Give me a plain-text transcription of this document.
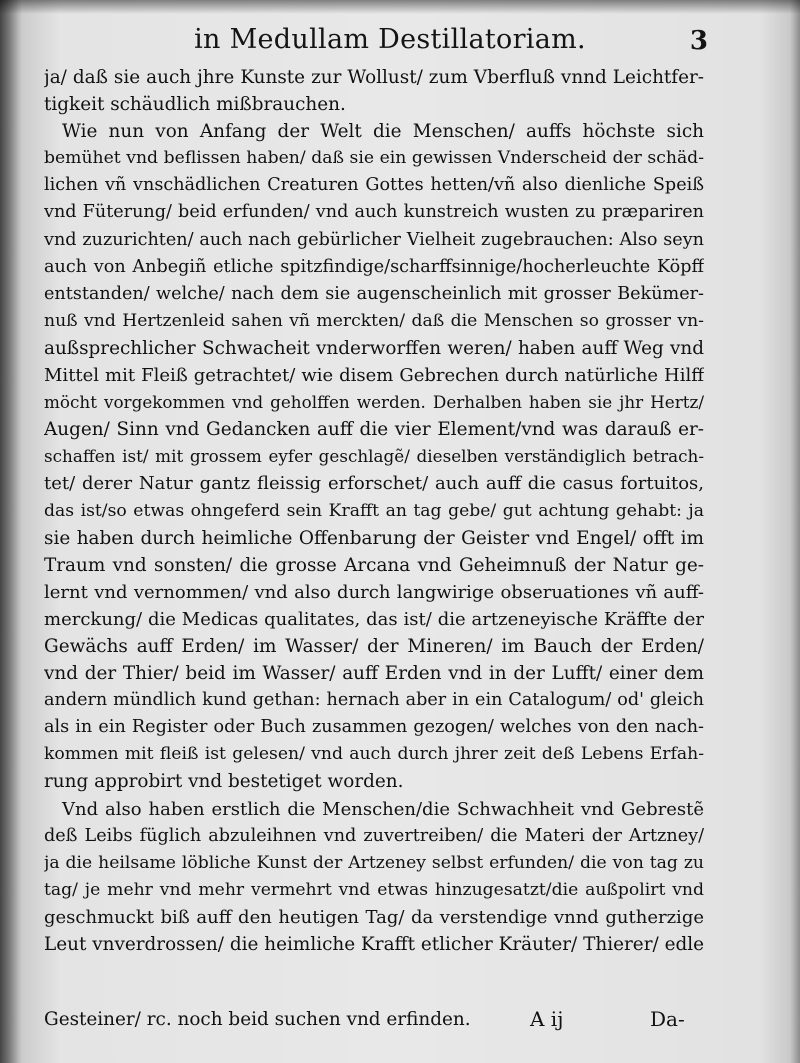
in Medullam Destillatoriam.	3
ja/ daß sie auch jhre Kunste zur Wollust/ zum Vberfluß vnnd Leichtfer-
tigkeit schäudlich mißbrauchen.
Wie nun von Anfang der Welt die Menschen/ auffs höchste sich
bemühet vnd beflissen haben/ daß sie ein gewissen Vnderscheid der schäd-
lichen vñ vnschädlichen Creaturen Gottes hetten/vñ also dienliche Speiß
vnd Füterung/ beid erfunden/ vnd auch kunstreich wusten zu præpariren
vnd zuzurichten/ auch nach gebürlicher Vielheit zugebrauchen: Also seyn
auch von Anbegiñ etliche spitzfindige/scharffsinnige/hocherleuchte Köpff
entstanden/ welche/ nach dem sie augenscheinlich mit grosser Bekümer-
nuß vnd Hertzenleid sahen vñ merckten/ daß die Menschen so grosser vn-
außsprechlicher Schwacheit vnderworffen weren/ haben auff Weg vnd
Mittel mit Fleiß getrachtet/ wie disem Gebrechen durch natürliche Hilff
möcht vorgekommen vnd geholffen werden. Derhalben haben sie jhr Hertz/
Augen/ Sinn vnd Gedancken auff die vier Element/vnd was darauß er-
schaffen ist/ mit grossem eyfer geschlagẽ/ dieselben verständiglich betrach-
tet/ derer Natur gantz fleissig erforschet/ auch auff die casus fortuitos,
das ist/so etwas ohngeferd sein Krafft an tag gebe/ gut achtung gehabt: ja
sie haben durch heimliche Offenbarung der Geister vnd Engel/ offt im
Traum vnd sonsten/ die grosse Arcana vnd Geheimnuß der Natur ge-
lernt vnd vernommen/ vnd also durch langwirige obseruationes vñ auff-
merckung/ die Medicas qualitates, das ist/ die artzeneyische Kräffte der
Gewächs auff Erden/ im Wasser/ der Mineren/ im Bauch der Erden/
vnd der Thier/ beid im Wasser/ auff Erden vnd in der Lufft/ einer dem
andern mündlich kund gethan: hernach aber in ein Catalogum/ od' gleich
als in ein Register oder Buch zusammen gezogen/ welches von den nach-
kommen mit fleiß ist gelesen/ vnd auch durch jhrer zeit deß Lebens Erfah-
rung approbirt vnd bestetiget worden.
Vnd also haben erstlich die Menschen/die Schwachheit vnd Gebrestẽ
deß Leibs füglich abzuleihnen vnd zuvertreiben/ die Materi der Artzney/
ja die heilsame löbliche Kunst der Artzeney selbst erfunden/ die von tag zu
tag/ je mehr vnd mehr vermehrt vnd etwas hinzugesatzt/die außpolirt vnd
geschmuckt biß auff den heutigen Tag/ da verstendige vnnd gutherzige
Leut vnverdrossen/ die heimliche Krafft etlicher Kräuter/ Thierer/ edle
Gesteiner/ rc. noch beid suchen vnd erfinden.	A ij	Da-
